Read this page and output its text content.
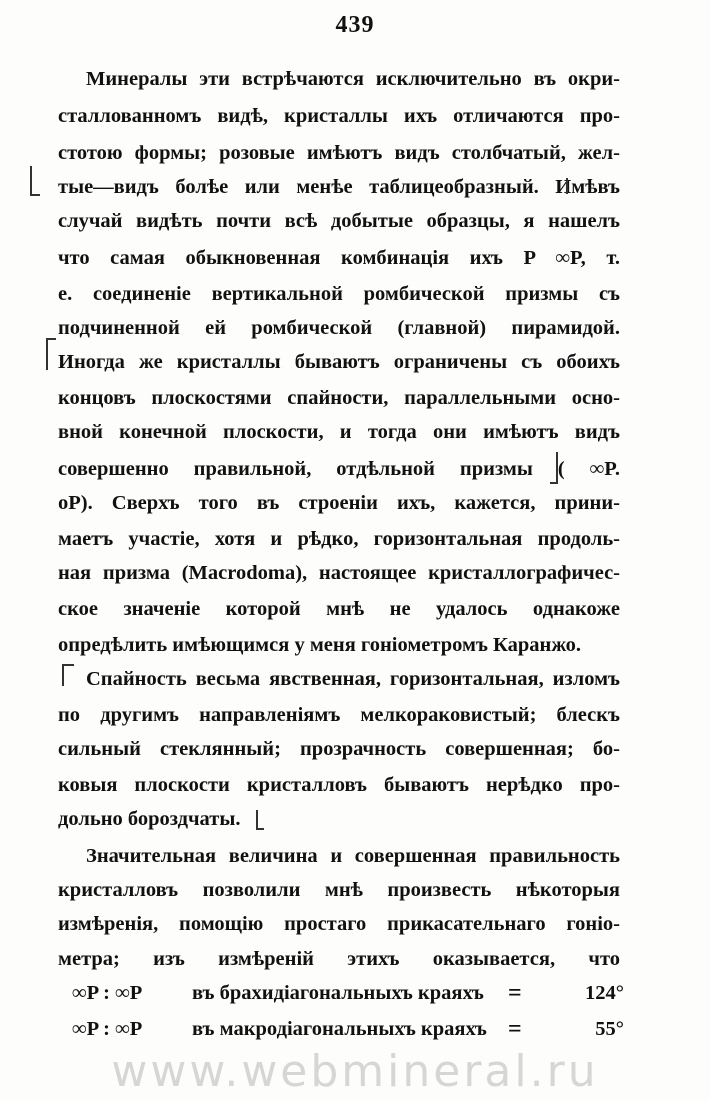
439
Минералы эти встрѣчаются исключительно въ окри-
сталлованномъ видѣ, кристаллы ихъ отличаются про-
стотою формы; розовые имѣютъ видъ столбчатый, жел-
тые—видъ болѣе или менѣе таблицеобразный. Имѣвъ
случай видѣть почти всѣ добытые образцы, я нашелъ
что самая обыкновенная комбинація ихъ P ∞P, т.
е. соединеніе вертикальной ромбической призмы съ
подчиненной ей ромбической (главной) пирамидой.
Иногда же кристаллы бываютъ ограничены съ обоихъ
концовъ плоскостями спайности, параллельными осно-
вной конечной плоскости, и тогда они имѣютъ видъ
совершенно правильной, отдѣльной призмы ( ∞P.
oP). Сверхъ того въ строеніи ихъ, кажется, прини-
маетъ участіе, хотя и рѣдко, горизонтальная продоль-
ная призма (Macrodoma), настоящее кристаллографичес-
ское значеніе которой мнѣ не удалось однакоже
опредѣлить имѣющимся у меня гоніометромъ Каранжо.
Спайность весьма явственная, горизонтальная, изломъ
по другимъ направленіямъ мелкораковистый; блескъ
сильный стеклянный; прозрачность совершенная; бо-
ковыя плоскости кристалловъ бываютъ нерѣдко про-
дольно бороздчаты.
Значительная величина и совершенная правильность
кристалловъ позволили мнѣ произвесть нѣкоторыя
измѣренія, помощію простаго прикасательнаго гоніо-
метра; изъ измѣреній этихъ оказывается, что
∞P : ∞P въ брахидіагональныхъ краяхъ =	124°
∞P : ∞P въ макродіагональныхъ краяхъ =	55°
www.webmineral.ru
